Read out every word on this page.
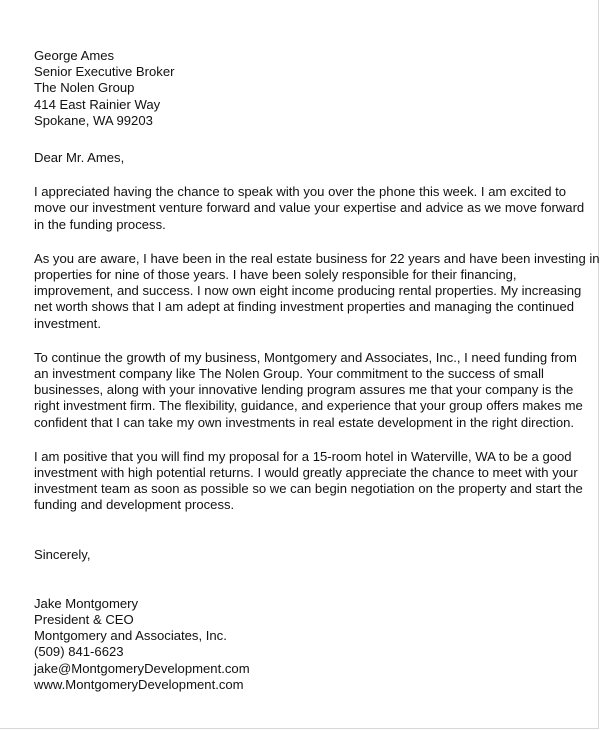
George Ames
Senior Executive Broker
The Nolen Group
414 East Rainier Way
Spokane, WA 99203
Dear Mr. Ames,
I appreciated having the chance to speak with you over the phone this week. I am excited to
move our investment venture forward and value your expertise and advice as we move forward
in the funding process.
As you are aware, I have been in the real estate business for 22 years and have been investing in
properties for nine of those years. I have been solely responsible for their financing,
improvement, and success. I now own eight income producing rental properties. My increasing
net worth shows that I am adept at finding investment properties and managing the continued
investment.
To continue the growth of my business, Montgomery and Associates, Inc., I need funding from
an investment company like The Nolen Group. Your commitment to the success of small
businesses, along with your innovative lending program assures me that your company is the
right investment firm. The flexibility, guidance, and experience that your group offers makes me
confident that I can take my own investments in real estate development in the right direction.
I am positive that you will find my proposal for a 15-room hotel in Waterville, WA to be a good
investment with high potential returns. I would greatly appreciate the chance to meet with your
investment team as soon as possible so we can begin negotiation on the property and start the
funding and development process.
Sincerely,
Jake Montgomery
President & CEO
Montgomery and Associates, Inc.
(509) 841-6623
jake@MontgomeryDevelopment.com
www.MontgomeryDevelopment.com
